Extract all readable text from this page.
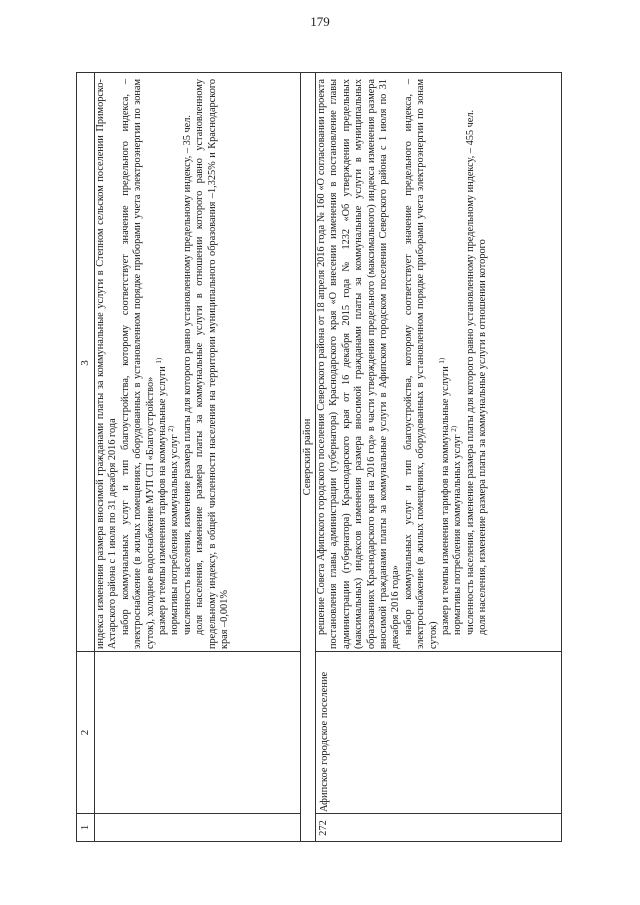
179
1
2
3 индекса изменения размера вносимой гражданами платы за коммунальные услуги в Степном сельском поселении Приморско-Ахтарского района с 1 июля по 31 декабря 2016 года набор коммунальных услуг и тип благоустройства, которому соответствует значение предельного индекса, – электроснабжение (в жилых помещениях, оборудованных в установленном порядке приборами учета электроэнергии по зонам суток), холодное водоснабжение МУП СП «Благоустройство» размер и темпы изменения тарифов на коммунальные услуги $^{1)}$

нормативы потребления коммунальных услуг $^{2)}$ численность населения, изменение размера платы для которого равно установленному предельному индексу, – 35 чел. доля населения, изменение размера платы за коммунальные услуги в отношении которого равно установленному предельному индексу, в общей численности населения на территории муниципального образования –1,325% и Краснодарского края –0,001%

Северский район
272
Афипское городское поселение

решение Совета Афипского городского поселения Северского района от 18 апреля 2016 года № 160 «О согласовании проекта постановления главы администрации (губернатора) Краснодарского края «О внесении изменения в постановление главы администрации (губернатора) Краснодарского края от 16 декабря 2015 года № 1232 «Об утверждении предельных (максимальных) индексов изменения размера вносимой гражданами платы за коммунальные услуги в муниципальных образованиях Краснодарского края на 2016 год» в части утверждения предельного (максимального) индекса изменения размера вносимой гражданами платы за коммунальные услуги в Афипском городском поселении Северского района с 1 июля по 31 декабря 2016 года» набор коммунальных услуг и тип благоустройства, которому соответствует значение предельного индекса, – электроснабжение (в жилых помещениях, оборудованных в установленном порядке приборами учета электроэнергии по зонам суток)

размер и темпы изменения тарифов на коммунальные услуги $^{1)}$

нормативы потребления коммунальных услуг $^{2)}$ численность населения, изменение размера платы для которого равно установленному предельному индексу, – 455 чел. доля населения, изменение размера платы за коммунальные услуги в отношении которого
